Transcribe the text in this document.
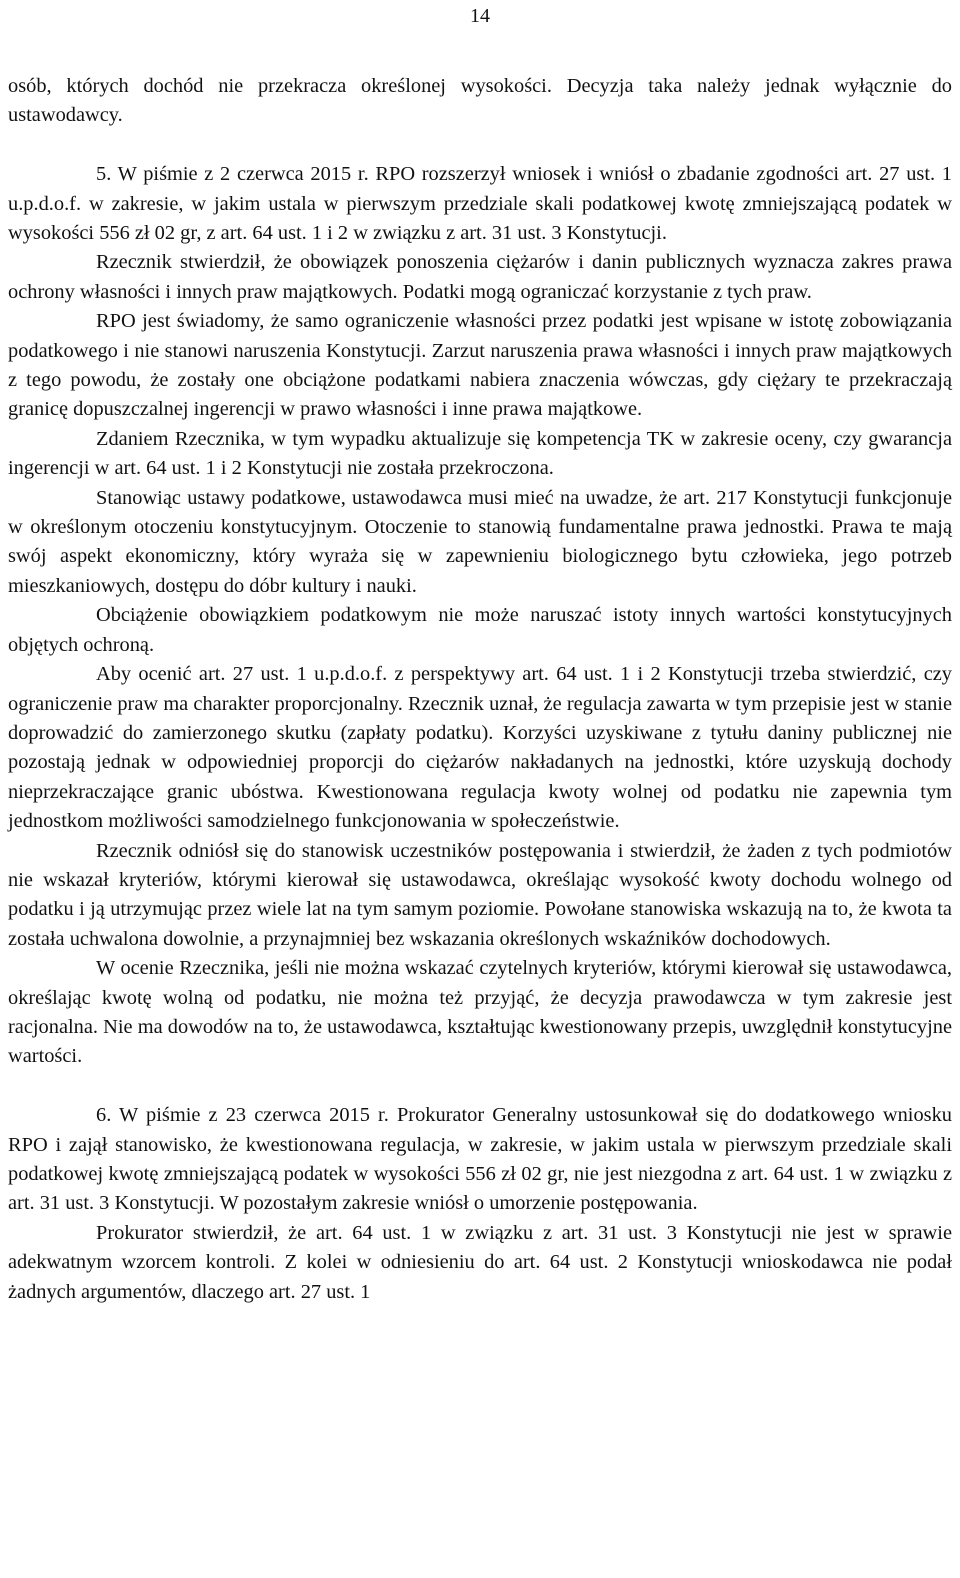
14

osób, których dochód nie przekracza określonej wysokości. Decyzja taka należy jednak wyłącznie do ustawodawcy.

5. W piśmie z 2 czerwca 2015 r. RPO rozszerzył wniosek i wniósł o zbadanie zgodności art. 27 ust. 1 u.p.d.o.f. w zakresie, w jakim ustala w pierwszym przedziale skali podatkowej kwotę zmniejszającą podatek w wysokości 556 zł 02 gr, z art. 64 ust. 1 i 2 w związku z art. 31 ust. 3 Konstytucji.

Rzecznik stwierdził, że obowiązek ponoszenia ciężarów i danin publicznych wyznacza zakres prawa ochrony własności i innych praw majątkowych. Podatki mogą ograniczać korzystanie z tych praw.

RPO jest świadomy, że samo ograniczenie własności przez podatki jest wpisane w istotę zobowiązania podatkowego i nie stanowi naruszenia Konstytucji. Zarzut naruszenia prawa własności i innych praw majątkowych z tego powodu, że zostały one obciążone podatkami nabiera znaczenia wówczas, gdy ciężary te przekraczają granicę dopuszczalnej ingerencji w prawo własności i inne prawa majątkowe.

Zdaniem Rzecznika, w tym wypadku aktualizuje się kompetencja TK w zakresie oceny, czy gwarancja ingerencji w art. 64 ust. 1 i 2 Konstytucji nie została przekroczona.

Stanowiąc ustawy podatkowe, ustawodawca musi mieć na uwadze, że art. 217 Konstytucji funkcjonuje w określonym otoczeniu konstytucyjnym. Otoczenie to stanowią fundamentalne prawa jednostki. Prawa te mają swój aspekt ekonomiczny, który wyraża się w zapewnieniu biologicznego bytu człowieka, jego potrzeb mieszkaniowych, dostępu do dóbr kultury i nauki.

Obciążenie obowiązkiem podatkowym nie może naruszać istoty innych wartości konstytucyjnych objętych ochroną.

Aby ocenić art. 27 ust. 1 u.p.d.o.f. z perspektywy art. 64 ust. 1 i 2 Konstytucji trzeba stwierdzić, czy ograniczenie praw ma charakter proporcjonalny. Rzecznik uznał, że regulacja zawarta w tym przepisie jest w stanie doprowadzić do zamierzonego skutku (zapłaty podatku). Korzyści uzyskiwane z tytułu daniny publicznej nie pozostają jednak w odpowiedniej proporcji do ciężarów nakładanych na jednostki, które uzyskują dochody nieprzekraczające granic ubóstwa. Kwestionowana regulacja kwoty wolnej od podatku nie zapewnia tym jednostkom możliwości samodzielnego funkcjonowania w społeczeństwie.

Rzecznik odniósł się do stanowisk uczestników postępowania i stwierdził, że żaden z tych podmiotów nie wskazał kryteriów, którymi kierował się ustawodawca, określając wysokość kwoty dochodu wolnego od podatku i ją utrzymując przez wiele lat na tym samym poziomie. Powołane stanowiska wskazują na to, że kwota ta została uchwalona dowolnie, a przynajmniej bez wskazania określonych wskaźników dochodowych.

W ocenie Rzecznika, jeśli nie można wskazać czytelnych kryteriów, którymi kierował się ustawodawca, określając kwotę wolną od podatku, nie można też przyjąć, że decyzja prawodawcza w tym zakresie jest racjonalna. Nie ma dowodów na to, że ustawodawca, kształtując kwestionowany przepis, uwzględnił konstytucyjne wartości.

6. W piśmie z 23 czerwca 2015 r. Prokurator Generalny ustosunkował się do dodatkowego wniosku RPO i zajął stanowisko, że kwestionowana regulacja, w zakresie, w jakim ustala w pierwszym przedziale skali podatkowej kwotę zmniejszającą podatek w wysokości 556 zł 02 gr, nie jest niezgodna z art. 64 ust. 1 w związku z art. 31 ust. 3 Konstytucji. W pozostałym zakresie wniósł o umorzenie postępowania.

Prokurator stwierdził, że art. 64 ust. 1 w związku z art. 31 ust. 3 Konstytucji nie jest w sprawie adekwatnym wzorcem kontroli. Z kolei w odniesieniu do art. 64 ust. 2 Konstytucji wnioskodawca nie podał żadnych argumentów, dlaczego art. 27 ust. 1
